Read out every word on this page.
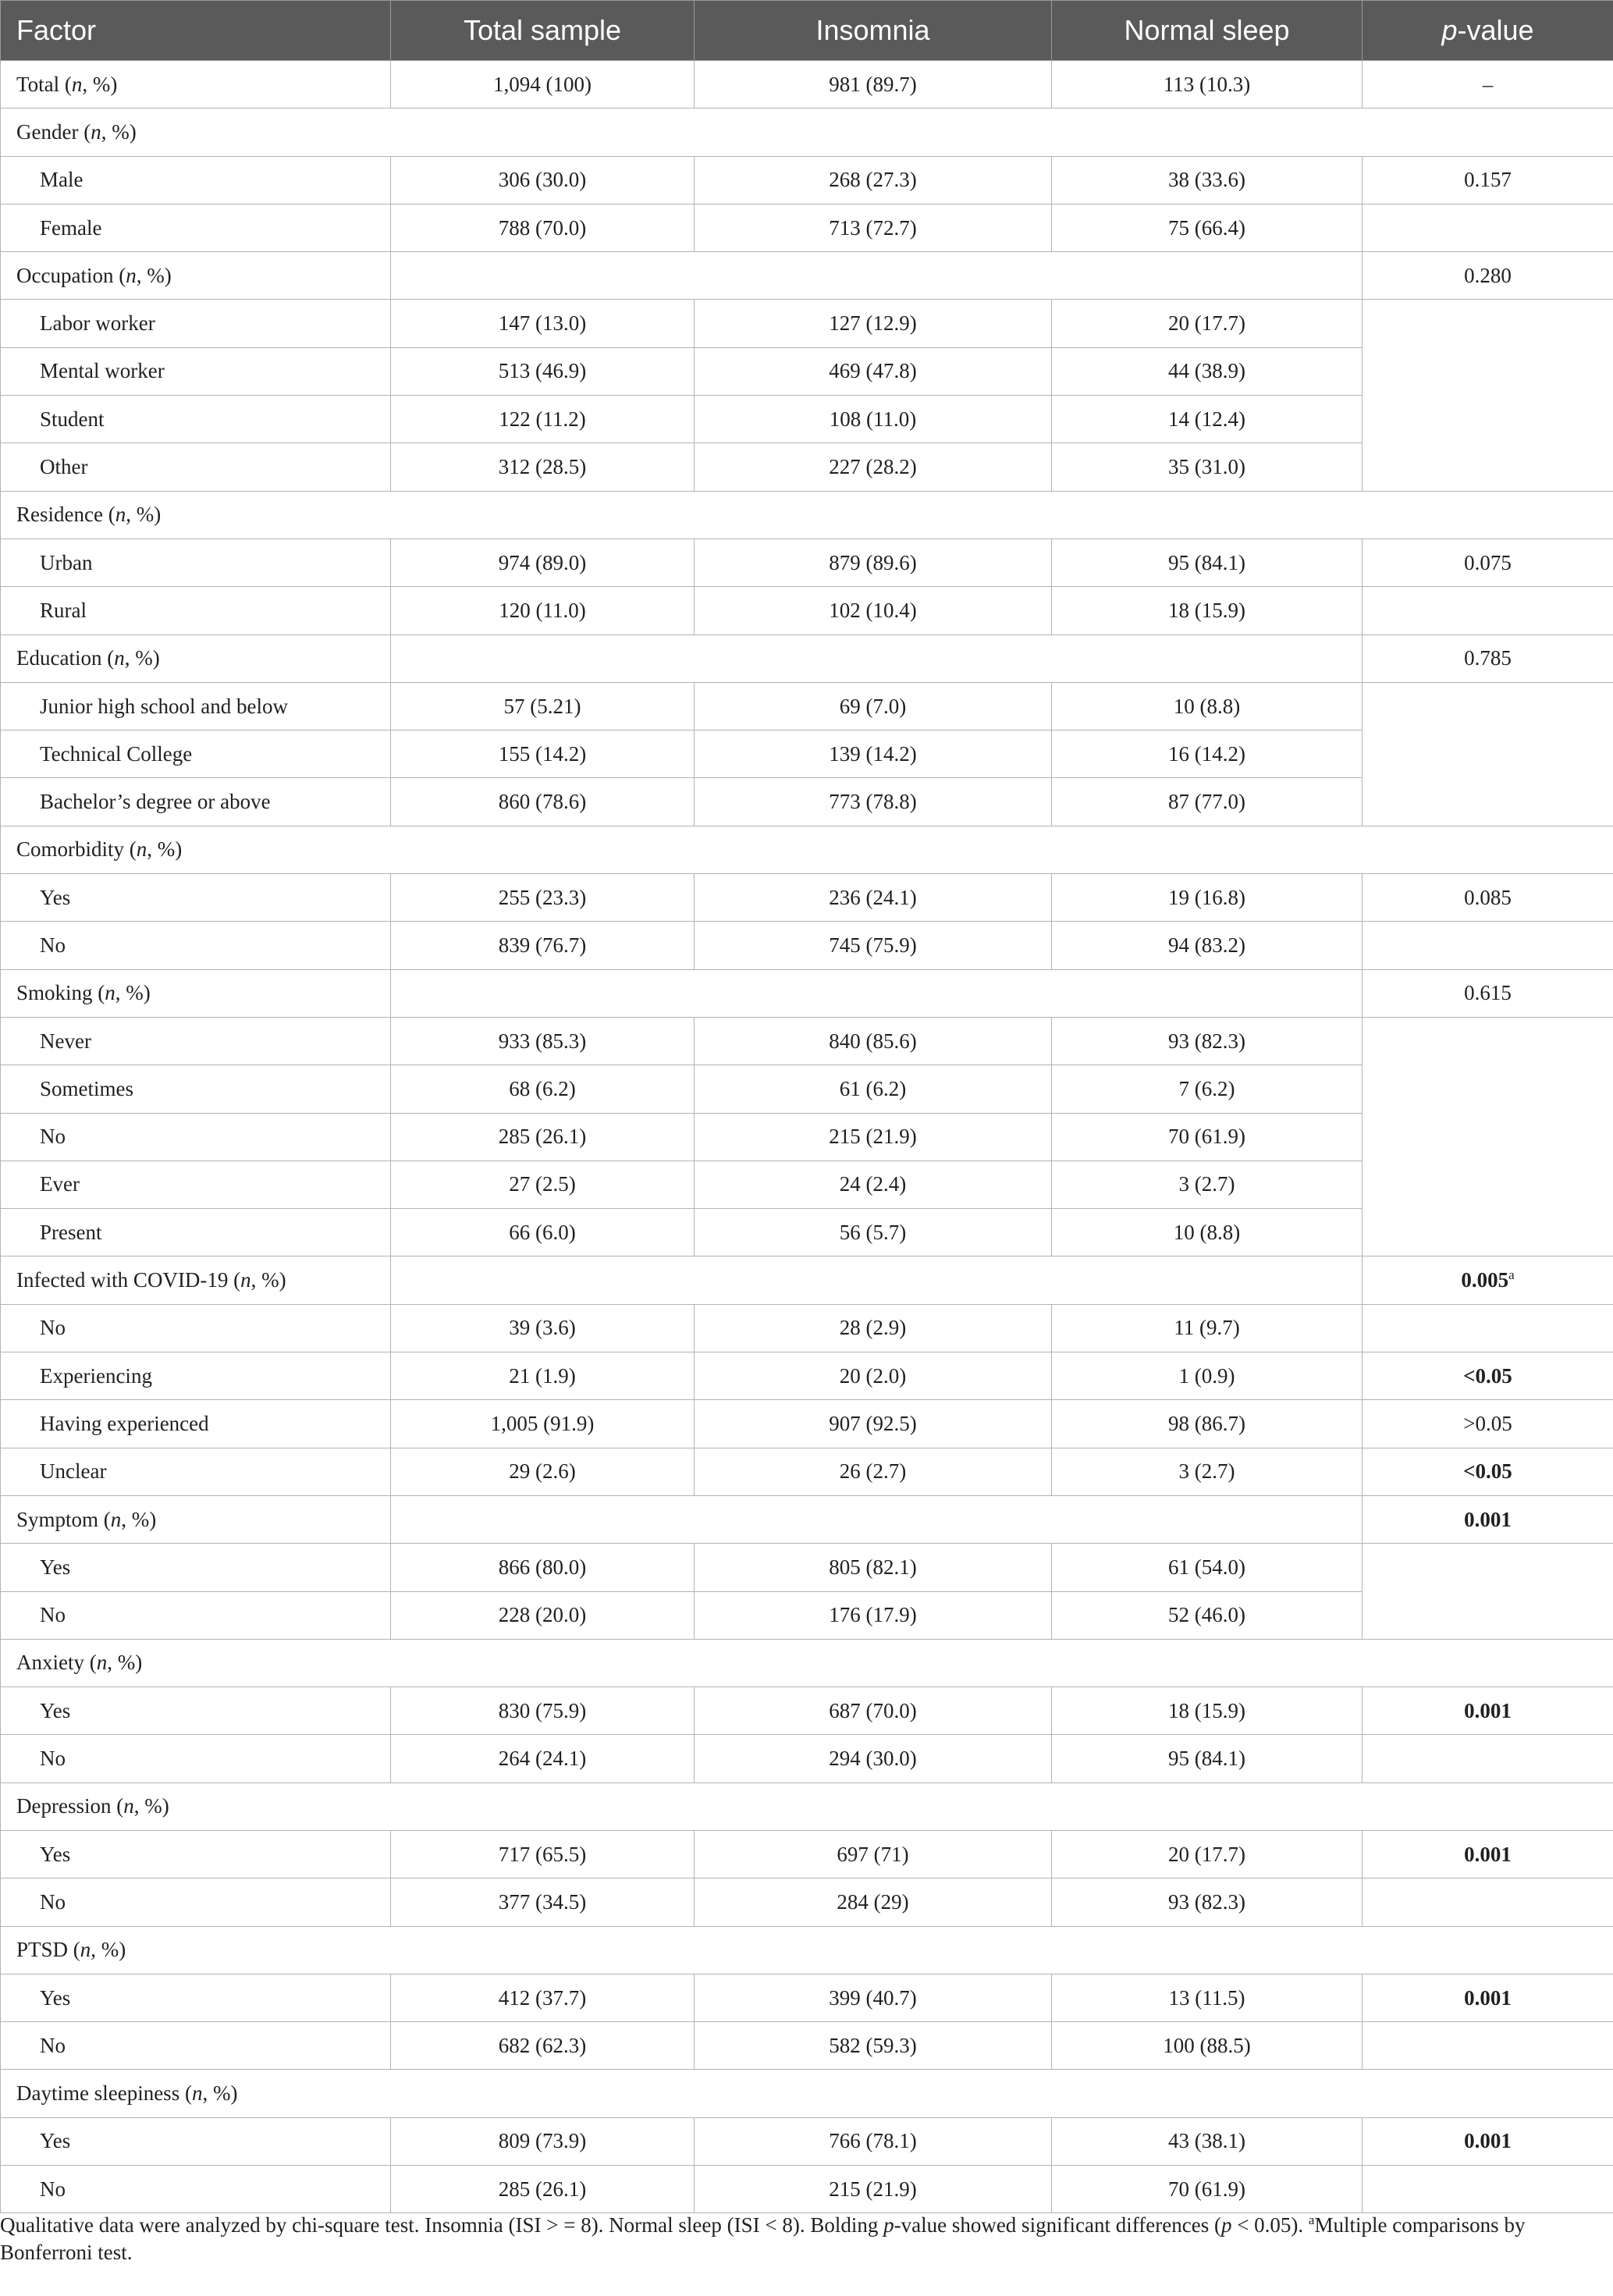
Factor	Total sample	Insomnia	Normal sleep	p-value
Total (n, %)	1,094 (100)	981 (89.7)	113 (10.3)	–
Gender (n, %)				
Male	306 (30.0)	268 (27.3)	38 (33.6)	0.157
Female	788 (70.0)	713 (72.7)	75 (66.4)	
Occupation (n, %)				0.280
Labor worker	147 (13.0)	127 (12.9)	20 (17.7)	
Mental worker	513 (46.9)	469 (47.8)	44 (38.9)	
Student	122 (11.2)	108 (11.0)	14 (12.4)	
Other	312 (28.5)	227 (28.2)	35 (31.0)	
Residence (n, %)				
Urban	974 (89.0)	879 (89.6)	95 (84.1)	0.075
Rural	120 (11.0)	102 (10.4)	18 (15.9)	
Education (n, %)				0.785
Junior high school and below	57 (5.21)	69 (7.0)	10 (8.8)	
Technical College	155 (14.2)	139 (14.2)	16 (14.2)	
Bachelor’s degree or above	860 (78.6)	773 (78.8)	87 (77.0)	
Comorbidity (n, %)				
Yes	255 (23.3)	236 (24.1)	19 (16.8)	0.085
No	839 (76.7)	745 (75.9)	94 (83.2)	
Smoking (n, %)				0.615
Never	933 (85.3)	840 (85.6)	93 (82.3)	
Sometimes	68 (6.2)	61 (6.2)	7 (6.2)	
No	285 (26.1)	215 (21.9)	70 (61.9)	
Ever	27 (2.5)	24 (2.4)	3 (2.7)	
Present	66 (6.0)	56 (5.7)	10 (8.8)	
Infected with COVID-19 (n, %)				0.005$^a$
No	39 (3.6)	28 (2.9)	11 (9.7)	
Experiencing	21 (1.9)	20 (2.0)	1 (0.9)	<0.05
Having experienced	1,005 (91.9)	907 (92.5)	98 (86.7)	>0.05
Unclear	29 (2.6)	26 (2.7)	3 (2.7)	<0.05
Symptom (n, %)				0.001
Yes	866 (80.0)	805 (82.1)	61 (54.0)	
No	228 (20.0)	176 (17.9)	52 (46.0)	
Anxiety (n, %)				
Yes	830 (75.9)	687 (70.0)	18 (15.9)	0.001
No	264 (24.1)	294 (30.0)	95 (84.1)	
Depression (n, %)				
Yes	717 (65.5)	697 (71)	20 (17.7)	0.001
No	377 (34.5)	284 (29)	93 (82.3)	
PTSD (n, %)				
Yes	412 (37.7)	399 (40.7)	13 (11.5)	0.001
No	682 (62.3)	582 (59.3)	100 (88.5)	
Daytime sleepiness (n, %)				
Yes	809 (73.9)	766 (78.1)	43 (38.1)	0.001
No	285 (26.1)	215 (21.9)	70 (61.9)	
Qualitative data were analyzed by chi-square test. Insomnia (ISI > = 8). Normal sleep (ISI < 8). Bolding p-value showed significant differences (p < 0.05). $^a$Multiple comparisons by Bonferroni test.
